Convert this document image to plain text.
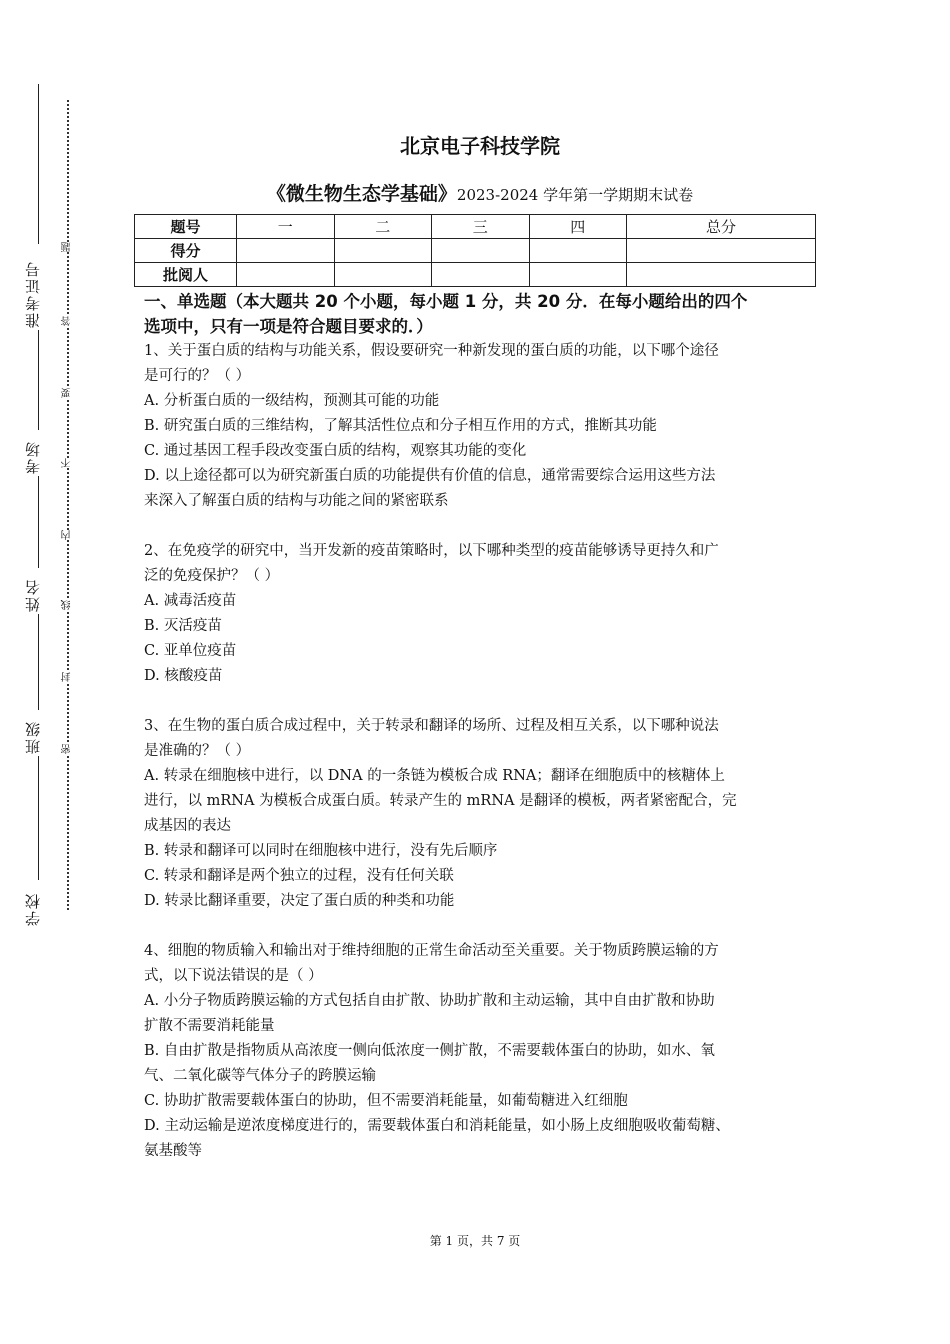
准考证号
考场
姓名
班级
学校
题
答
要
不
内
线
封
密
北京电子科技学院
《微生物生态学基础》2023-2024 学年第一学期期末试卷
题号	一	二	三	四	总分
得分					
批阅人					
一、单选题（本大题共 20 个小题，每小题 1 分，共 20 分．在每小题给出的四个
选项中，只有一项是符合题目要求的．）
1、关于蛋白质的结构与功能关系，假设要研究一种新发现的蛋白质的功能，以下哪个途径
是可行的？（ ）
A. 分析蛋白质的一级结构，预测其可能的功能
B. 研究蛋白质的三维结构，了解其活性位点和分子相互作用的方式，推断其功能
C. 通过基因工程手段改变蛋白质的结构，观察其功能的变化
D. 以上途径都可以为研究新蛋白质的功能提供有价值的信息，通常需要综合运用这些方法
来深入了解蛋白质的结构与功能之间的紧密联系
2、在免疫学的研究中，当开发新的疫苗策略时，以下哪种类型的疫苗能够诱导更持久和广
泛的免疫保护？（ ）
A. 减毒活疫苗
B. 灭活疫苗
C. 亚单位疫苗
D. 核酸疫苗
3、在生物的蛋白质合成过程中，关于转录和翻译的场所、过程及相互关系，以下哪种说法
是准确的？（ ）
A. 转录在细胞核中进行，以 DNA 的一条链为模板合成 RNA；翻译在细胞质中的核糖体上
进行，以 mRNA 为模板合成蛋白质。转录产生的 mRNA 是翻译的模板，两者紧密配合，完
成基因的表达
B. 转录和翻译可以同时在细胞核中进行，没有先后顺序
C. 转录和翻译是两个独立的过程，没有任何关联
D. 转录比翻译重要，决定了蛋白质的种类和功能
4、细胞的物质输入和输出对于维持细胞的正常生命活动至关重要。关于物质跨膜运输的方
式，以下说法错误的是（ ）
A. 小分子物质跨膜运输的方式包括自由扩散、协助扩散和主动运输，其中自由扩散和协助
扩散不需要消耗能量
B. 自由扩散是指物质从高浓度一侧向低浓度一侧扩散，不需要载体蛋白的协助，如水、氧
气、二氧化碳等气体分子的跨膜运输
C. 协助扩散需要载体蛋白的协助，但不需要消耗能量，如葡萄糖进入红细胞
D. 主动运输是逆浓度梯度进行的，需要载体蛋白和消耗能量，如小肠上皮细胞吸收葡萄糖、
氨基酸等
第 1 页，共 7 页
